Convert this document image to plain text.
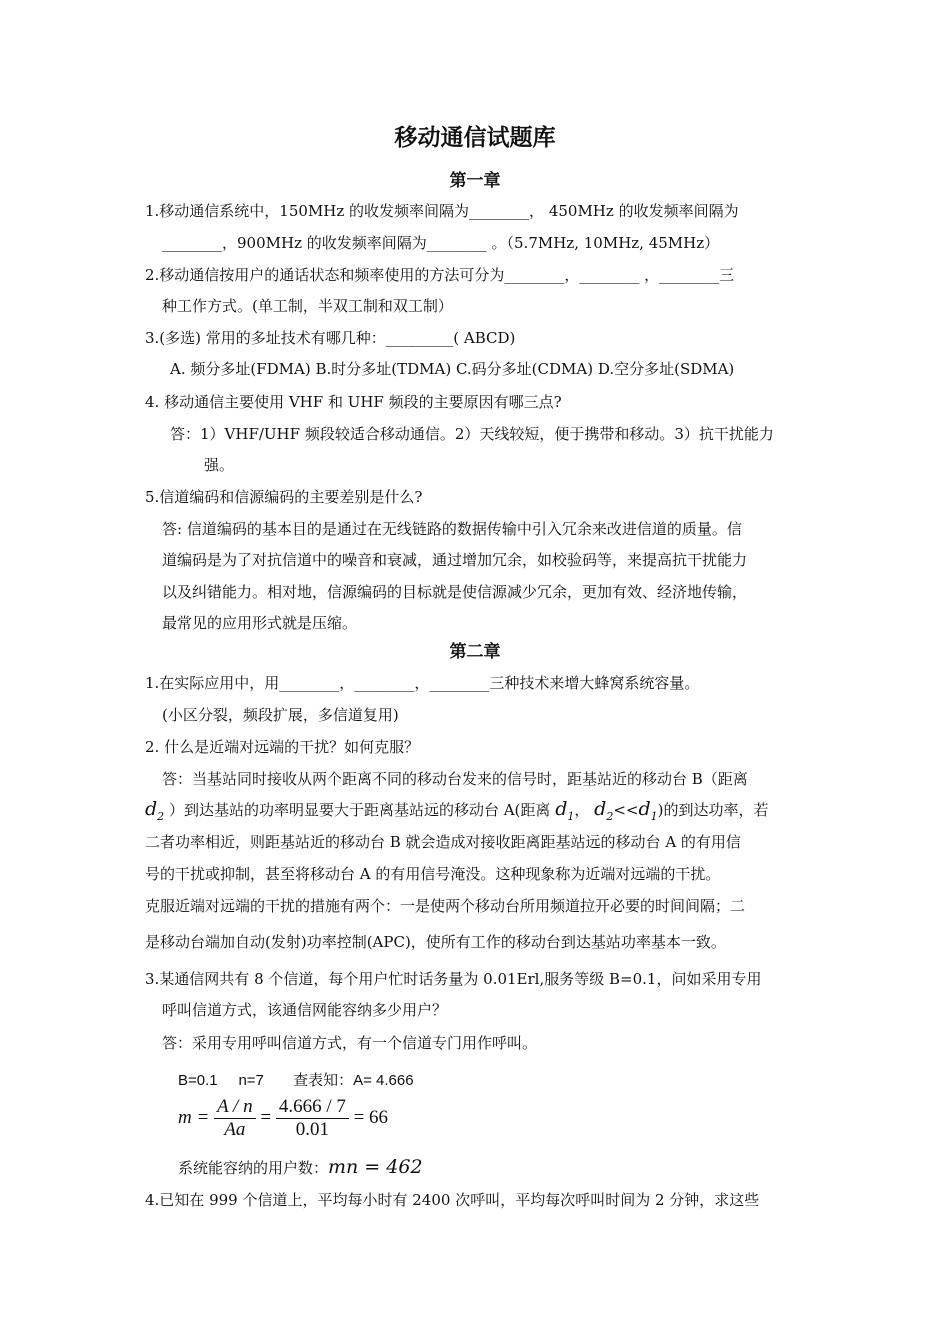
移动通信试题库
第一章
1.移动通信系统中，150MHz 的收发频率间隔为________， 450MHz 的收发频率间隔为
________，900MHz 的收发频率间隔为________ 。（5.7MHz, 10MHz, 45MHz）
2.移动通信按用户的通话状态和频率使用的方法可分为________，________ ，________三
种工作方式。(单工制，半双工制和双工制）
3.(多选) 常用的多址技术有哪几种：_________( ABCD)
A. 频分多址(FDMA) B.时分多址(TDMA) C.码分多址(CDMA) D.空分多址(SDMA)
4. 移动通信主要使用 VHF 和 UHF 频段的主要原因有哪三点?
答：1）VHF/UHF 频段较适合移动通信。2）天线较短，便于携带和移动。3）抗干扰能力
强。
5.信道编码和信源编码的主要差别是什么?
答: 信道编码的基本目的是通过在无线链路的数据传输中引入冗余来改进信道的质量。信
道编码是为了对抗信道中的噪音和衰减，通过增加冗余，如校验码等，来提高抗干扰能力
以及纠错能力。相对地，信源编码的目标就是使信源减少冗余，更加有效、经济地传输，
最常见的应用形式就是压缩。
第二章
1.在实际应用中，用________，________，________三种技术来增大蜂窝系统容量。
(小区分裂，频段扩展，多信道复用)
2. 什么是近端对远端的干扰？如何克服？
答：当基站同时接收从两个距离不同的移动台发来的信号时，距基站近的移动台 B（距离
$d_2$ ）到达基站的功率明显要大于距离基站远的移动台 A(距离 $d_1$， $d_2<<d_1$)的到达功率，若
二者功率相近，则距基站近的移动台 B 就会造成对接收距离距基站远的移动台 A 的有用信
号的干扰或抑制，甚至将移动台 A 的有用信号淹没。这种现象称为近端对远端的干扰。
克服近端对远端的干扰的措施有两个：一是使两个移动台所用频道拉开必要的时间间隔；二
是移动台端加自动(发射)功率控制(APC)，使所有工作的移动台到达基站功率基本一致。
3.某通信网共有 8 个信道，每个用户忙时话务量为 0.01Erl,服务等级 B=0.1，问如采用专用
呼叫信道方式，该通信网能容纳多少用户？
答：采用专用呼叫信道方式，有一个信道专门用作呼叫。
B=0.1     n=7       查表知：A= 4.666
$m = \frac{A / n}{Aa} = \frac{4.666 / 7}{0.01} = 66$
系统能容纳的用户数：mn = 462
4.已知在 999 个信道上，平均每小时有 2400 次呼叫，平均每次呼叫时间为 2 分钟，求这些
